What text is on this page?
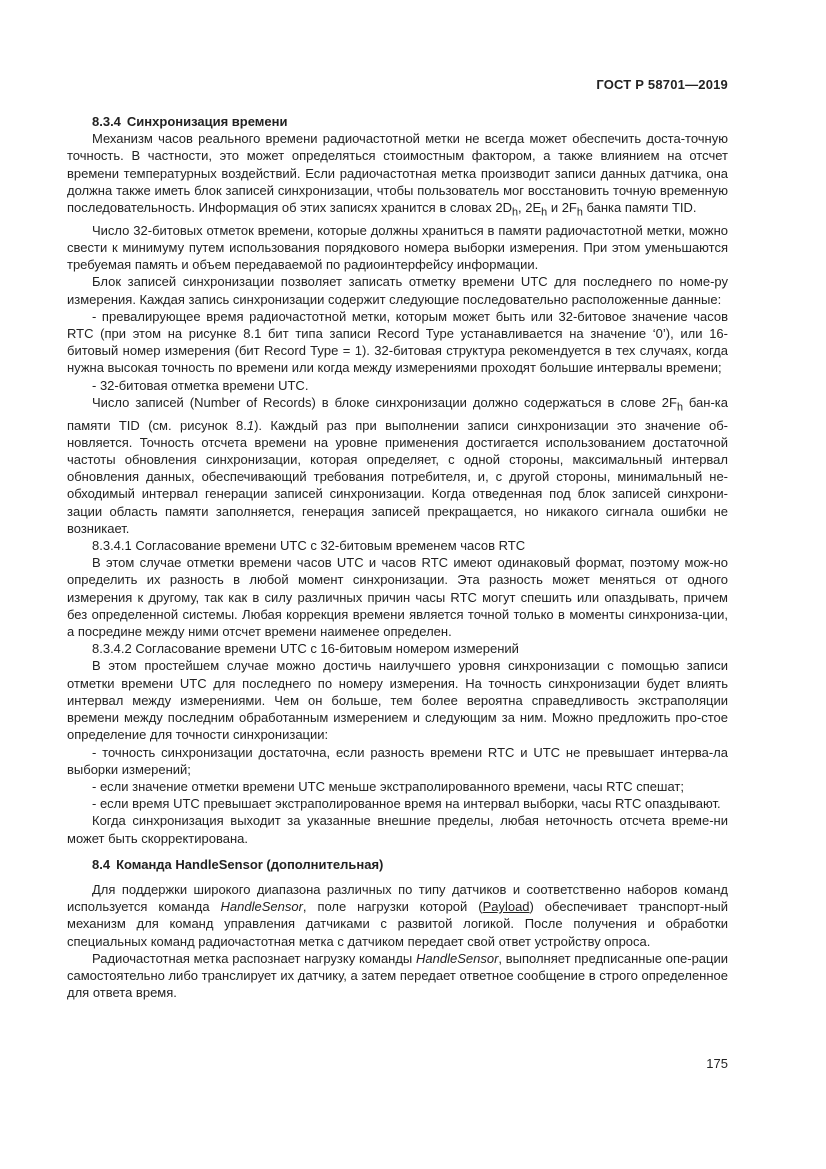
ГОСТ Р 58701—2019
8.3.4 Синхронизация времени

Механизм часов реального времени радиочастотной метки не всегда может обеспечить доста-точную точность. В частности, это может определяться стоимостным фактором, а также влиянием на отсчет времени температурных воздействий. Если радиочастотная метка производит записи данных датчика, она должна также иметь блок записей синхронизации, чтобы пользователь мог восстановить точную временную последовательность. Информация об этих записях хранится в словах $2D_h$, $2E_h$ и $2F_h$ банка памяти TID.

Число 32-битовых отметок времени, которые должны храниться в памяти радиочастотной метки, можно свести к минимуму путем использования порядкового номера выборки измерения. При этом уменьшаются требуемая память и объем передаваемой по радиоинтерфейсу информации.

Блок записей синхронизации позволяет записать отметку времени UTC для последнего по номе-ру измерения. Каждая запись синхронизации содержит следующие последовательно расположенные данные:

- превалирующее время радиочастотной метки, которым может быть или 32-битовое значение часов RTC (при этом на рисунке 8.1 бит типа записи Record Type устанавливается на значение ‘0’), или 16-битовый номер измерения (бит Record Type = 1). 32-битовая структура рекомендуется в тех случаях, когда нужна высокая точность по времени или когда между измерениями проходят большие интервалы времени;

- 32-битовая отметка времени UTC.

Число записей (Number of Records) в блоке синхронизации должно содержаться в слове $2F_h$ бан-ка памяти TID (см. рисунок 8.1). Каждый раз при выполнении записи синхронизации это значение об-новляется. Точность отсчета времени на уровне применения достигается использованием достаточной частоты обновления синхронизации, которая определяет, с одной стороны, максимальный интервал обновления данных, обеспечивающий требования потребителя, и, с другой стороны, минимальный не-обходимый интервал генерации записей синхронизации. Когда отведенная под блок записей синхрони-зации область памяти заполняется, генерация записей прекращается, но никакого сигнала ошибки не возникает.

8.3.4.1 Согласование времени UTC с 32-битовым временем часов RTC

В этом случае отметки времени часов UTC и часов RTC имеют одинаковый формат, поэтому мож-но определить их разность в любой момент синхронизации. Эта разность может меняться от одного измерения к другому, так как в силу различных причин часы RTC могут спешить или опаздывать, причем без определенной системы. Любая коррекция времени является точной только в моменты синхрониза-ции, а посредине между ними отсчет времени наименее определен.

8.3.4.2 Согласование времени UTC с 16-битовым номером измерений

В этом простейшем случае можно достичь наилучшего уровня синхронизации с помощью записи отметки времени UTC для последнего по номеру измерения. На точность синхронизации будет влиять интервал между измерениями. Чем он больше, тем более вероятна справедливость экстраполяции времени между последним обработанным измерением и следующим за ним. Можно предложить про-стое определение для точности синхронизации:

- точность синхронизации достаточна, если разность времени RTC и UTC не превышает интерва-ла выборки измерений;

- если значение отметки времени UTC меньше экстраполированного времени, часы RTC спешат;

- если время UTC превышает экстраполированное время на интервал выборки, часы RTC опаздывают.

Когда синхронизация выходит за указанные внешние пределы, любая неточность отсчета време-ни может быть скорректирована.

8.4 Команда HandleSensor (дополнительная)

Для поддержки широкого диапазона различных по типу датчиков и соответственно наборов команд используется команда HandleSensor, поле нагрузки которой (Payload) обеспечивает транспорт-ный механизм для команд управления датчиками с развитой логикой. После получения и обработки специальных команд радиочастотная метка с датчиком передает свой ответ устройству опроса.

Радиочастотная метка распознает нагрузку команды HandleSensor, выполняет предписанные опе-рации самостоятельно либо транслирует их датчику, а затем передает ответное сообщение в строго определенное для ответа время.

175
